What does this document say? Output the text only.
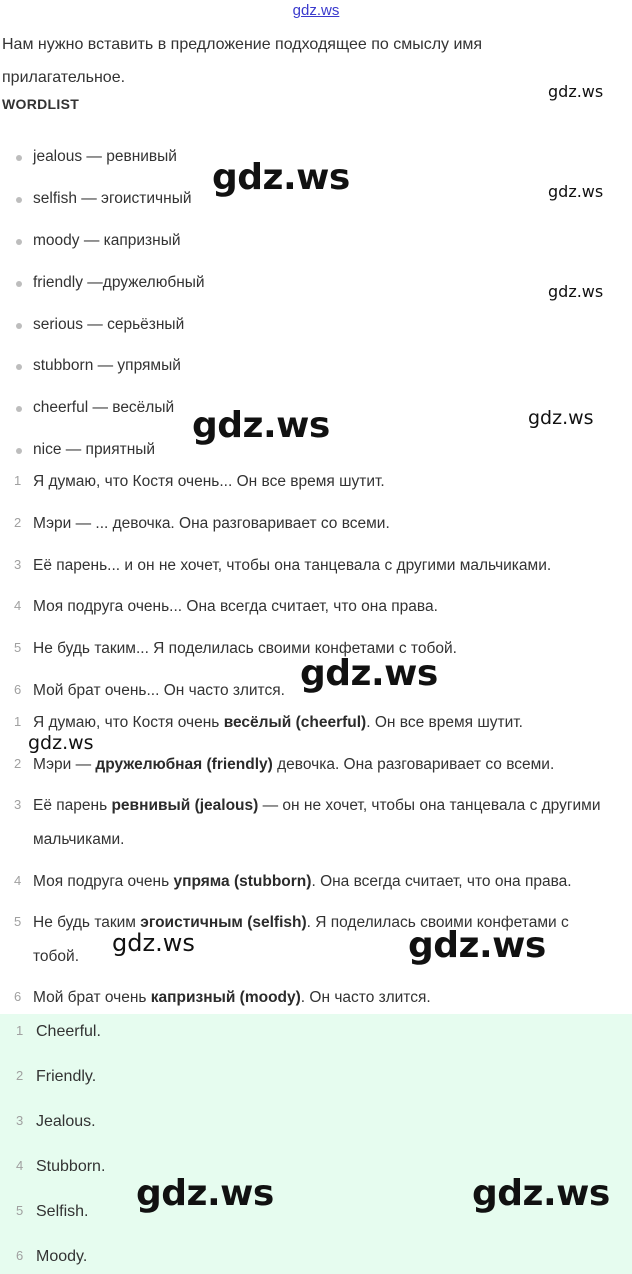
gdz.ws
Нам нужно вставить в предложение подходящее по смыслу имя прилагательное.
WORDLIST
jealous — ревнивый
selfish — эгоистичный
moody — капризный
friendly —дружелюбный
serious — серьёзный
stubborn — упрямый
cheerful — весёлый
nice — приятный
1 Я думаю, что Костя очень... Он все время шутит.
2 Мэри — ... девочка. Она разговаривает со всеми.
3 Её парень... и он не хочет, чтобы она танцевала с другими мальчиками.
4 Моя подруга очень... Она всегда считает, что она права.
5 Не будь таким... Я поделилась своими конфетами с тобой.
6 Мой брат очень... Он часто злится.
1 Я думаю, что Костя очень весёлый (cheerful). Он все время шутит.
2 Мэри — дружелюбная (friendly) девочка. Она разговаривает со всеми.
3 Её парень ревнивый (jealous) — он не хочет, чтобы она танцевала с другими мальчиками.
4 Моя подруга очень упряма (stubborn). Она всегда считает, что она права.
5 Не будь таким эгоистичным (selfish). Я поделилась своими конфетами с тобой.
6 Мой брат очень капризный (moody). Он часто злится.
1 Cheerful.
2 Friendly.
3 Jealous.
4 Stubborn.
5 Selfish.
6 Moody.
gdz.ws
gdz.ws	gdz.ws
gdz.ws
gdz.ws	gdz.ws
gdz.ws
gdz.ws
gdz.ws	gdz.ws
gdz.ws	gdz.ws
